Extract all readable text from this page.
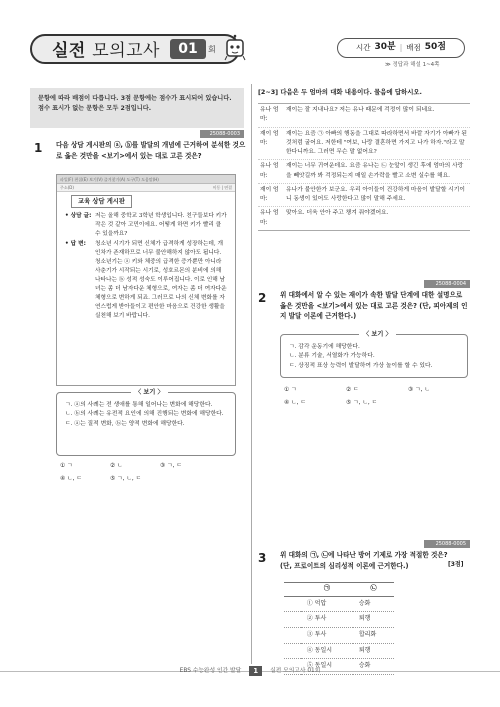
실전 모의고사	01	회	시간 30분 | 배점 50점
≫ 정답과 해설 1~4쪽
문항에 따라 배점이 다릅니다. 3점 문항에는 점수가 표시되어 있습니다. 점수 표시가 없는 문항은 모두 2점입니다.
25088-0003
1 다음 상담 게시판의 ⓐ, ⓑ를 발달의 개념에 근거하여 분석한 것으로 옳은 것만을 <보기>에서 있는 대로 고른 것은?
파일(F) 편집(E) 보기(V) 즐겨찾기(A) 도구(T) 도움말(H)
주소(D)	이동 | 연결
교육 상담 게시판
• 상담 글: 저는 올해 중학교 3학년 학생입니다. 친구들보다 키가 작은 것 같아 고민이에요. 어떻게 하면 키가 빨리 클 수 있을까요?
• 답 변:	청소년 시기가 되면 신체가 급격하게 성장하는데, 개인차가 존재하므로 너무 불안해하지 않아도 됩니다. 청소년기는 ⓐ 키와 체중의 급격한 증가뿐만 아니라 사춘기가 시작되는 시기로, 성호르몬의 분비에 의해 나타나는 ⓑ 성적 성숙도 이루어집니다. 이로 인해 남녀는 좀 더 남자다운 체형으로, 여자는 좀 더 여자다운 체형으로 변하게 되죠. 그러므로 나의 신체 변화를 자연스럽게 받아들이고 편안한 마음으로 건강한 생활을 실천해 보기 바랍니다.
〈 보기 〉
ㄱ. ⓐ의 사례는 전 생애를 통해 일어나는 변화에 해당한다.
ㄴ. ⓑ의 사례는 유전적 요인에 의해 진행되는 변화에 해당한다.
ㄷ. ⓐ는 질적 변화, ⓑ는 양적 변화에 해당한다.
① ㄱ	② ㄴ	③ ㄱ, ㄷ
④ ㄴ, ㄷ	⑤ ㄱ, ㄴ, ㄷ
[2~3] 다음은 두 엄마의 대화 내용이다. 물음에 답하시오.
유나 엄마:
재이는 잘 지내나요? 저는 유나 때문에 걱정이 많이 되네요.
재이 엄마:
재이는 요즘 ㉠ 아빠의 행동을 그대로 따라하면서 바깥 자기가 아빠가 된 것처럼 굴어요. 저한테 "여보, 나랑 결혼하면 가지고 나가 하자."라고 말한다니까요. 그러면 무슨 말 없어요?
유나 엄마:
재이는 너무 귀여운데요. 요즘 유나는 ㉡ 눈앞이 생긴 후에 엄마의 사랑을 빼앗길까 봐 걱정되는지 매일 손가락을 빨고 소변 실수를 해요.
재이 엄마:
유나가 불안한가 보군요. 우리 아이들이 건강하게 마음이 발달할 시기이니 동생이 있어도 사랑한다고 많이 말해 주세요.
유나 엄마:
맞아요. 더욱 안아 주고 챙겨 줘야겠어요.
25088-0004
2 위 대화에서 알 수 있는 재이가 속한 발달 단계에 대한 설명으로 옳은 것만을 <보기>에서 있는 대로 고른 것은? (단, 피아제의 인지 발달 이론에 근거한다.)
〈 보기 〉
ㄱ. 감각 운동기에 해당한다.
ㄴ. 분류 기술, 서열화가 가능하다.
ㄷ. 상징적 표상 능력이 발달하여 가상 놀이를 할 수 있다.
① ㄱ	② ㄷ	③ ㄱ, ㄴ
④ ㄴ, ㄷ	⑤ ㄱ, ㄴ, ㄷ
25088-0005
3 위 대화의 ㉠, ㉡에 나타난 방어 기제로 가장 적절한 것은? (단, 프로이트의 심리성적 이론에 근거한다.)	[3점]
	㉠	㉡
	① 억압	승화
	② 투사	퇴행
	③ 투사	합리화
	④ 동일시	퇴행
	⑤ 동일시	승화
EBS 수능완성 인간 발달	1	실전 모의고사 01회
